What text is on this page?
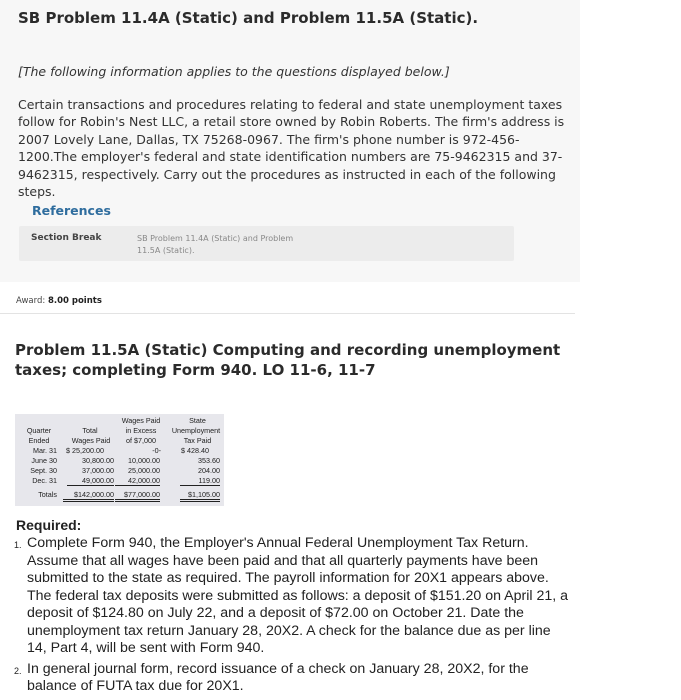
SB Problem 11.4A (Static) and Problem 11.5A (Static).
[The following information applies to the questions displayed below.]
Certain transactions and procedures relating to federal and state unemployment taxes follow for Robin's Nest LLC, a retail store owned by Robin Roberts. The firm's address is 2007 Lovely Lane, Dallas, TX 75268-0967. The firm's phone number is 972-456-1200.The employer's federal and state identification numbers are 75-9462315 and 37-9462315, respectively. Carry out the procedures as instructed in each of the following steps.
References
Section Break	SB Problem 11.4A (Static) and Problem 11.5A (Static).
Award: 8.00 points
Problem 11.5A (Static) Computing and recording unemployment taxes; completing Form 940. LO 11-6, 11-7
Wages Paid	State
Total	in Excess	Unemployment
Quarter
Ended	Wages Paid	of $7,000	Tax Paid
Mar. 31 $ 25,200.00	-0-	$ 428.40
June 30	30,800.00	10,000.00	353.60
Sept. 30	37,000.00	25,000.00	204.00
Dec. 31	49,000.00	42,000.00	119.00
Totals	$142,000.00	$77,000.00	$1,105.00
Required:
1. Complete Form 940, the Employer's Annual Federal Unemployment Tax Return. Assume that all wages have been paid and that all quarterly payments have been submitted to the state as required. The payroll information for 20X1 appears above. The federal tax deposits were submitted as follows: a deposit of $151.20 on April 21, a deposit of $124.80 on July 22, and a deposit of $72.00 on October 21. Date the unemployment tax return January 28, 20X2. A check for the balance due as per line 14, Part 4, will be sent with Form 940.
2. In general journal form, record issuance of a check on January 28, 20X2, for the balance of FUTA tax due for 20X1.
